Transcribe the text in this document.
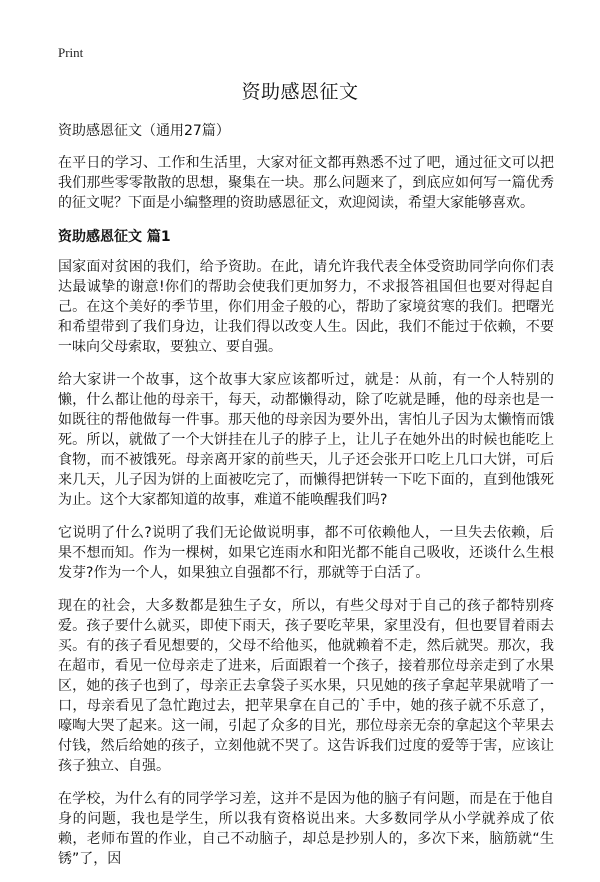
Print
资助感恩征文

资助感恩征文（通用27篇）

在平日的学习、工作和生活里，大家对征文都再熟悉不过了吧，通过征文可以把我们那些零零散散的思想，聚集在一块。那么问题来了，到底应如何写一篇优秀的征文呢？下面是小编整理的资助感恩征文，欢迎阅读，希望大家能够喜欢。

资助感恩征文 篇1

国家面对贫困的我们，给予资助。在此，请允许我代表全体受资助同学向你们表达最诚挚的谢意!你们的帮助会使我们更加努力，不求报答祖国但也要对得起自己。在这个美好的季节里，你们用金子般的心，帮助了家境贫寒的我们。把曙光和希望带到了我们身边，让我们得以改变人生。因此，我们不能过于依赖，不要一味向父母索取，要独立、要自强。

给大家讲一个故事，这个故事大家应该都听过，就是：从前，有一个人特别的懒，什么都让他的母亲干，每天，动都懒得动，除了吃就是睡，他的母亲也是一如既往的帮他做每一件事。那天他的母亲因为要外出，害怕儿子因为太懒惰而饿死。所以，就做了一个大饼挂在儿子的脖子上，让儿子在她外出的时候也能吃上食物，而不被饿死。母亲离开家的前些天，儿子还会张开口吃上几口大饼，可后来几天，儿子因为饼的上面被吃完了，而懒得把饼转一下吃下面的，直到他饿死为止。这个大家都知道的故事，难道不能唤醒我们吗?

它说明了什么?说明了我们无论做说明事，都不可依赖他人，一旦失去依赖，后果不想而知。作为一棵树，如果它连雨水和阳光都不能自己吸收，还谈什么生根发芽?作为一个人，如果独立自强都不行，那就等于白活了。

现在的社会，大多数都是独生子女，所以，有些父母对于自己的孩子都特别疼爱。孩子要什么就买，即使下雨天，孩子要吃苹果，家里没有，但也要冒着雨去买。有的孩子看见想要的，父母不给他买，他就赖着不走，然后就哭。那次，我在超市，看见一位母亲走了进来，后面跟着一个孩子，接着那位母亲走到了水果区，她的孩子也到了，母亲正去拿袋子买水果，只见她的孩子拿起苹果就啃了一口，母亲看见了急忙跑过去，把苹果拿在自己的`手中，她的孩子就不乐意了，嚎啕大哭了起来。这一闹，引起了众多的目光，那位母亲无奈的拿起这个苹果去付钱，然后给她的孩子，立刻他就不哭了。这告诉我们过度的爱等于害，应该让孩子独立、自强。

在学校，为什么有的同学学习差，这并不是因为他的脑子有问题，而是在于他自身的问题，我也是学生，所以我有资格说出来。大多数同学从小学就养成了依赖，老师布置的作业，自己不动脑子，却总是抄别人的，多次下来，脑筋就“生锈”了，因
